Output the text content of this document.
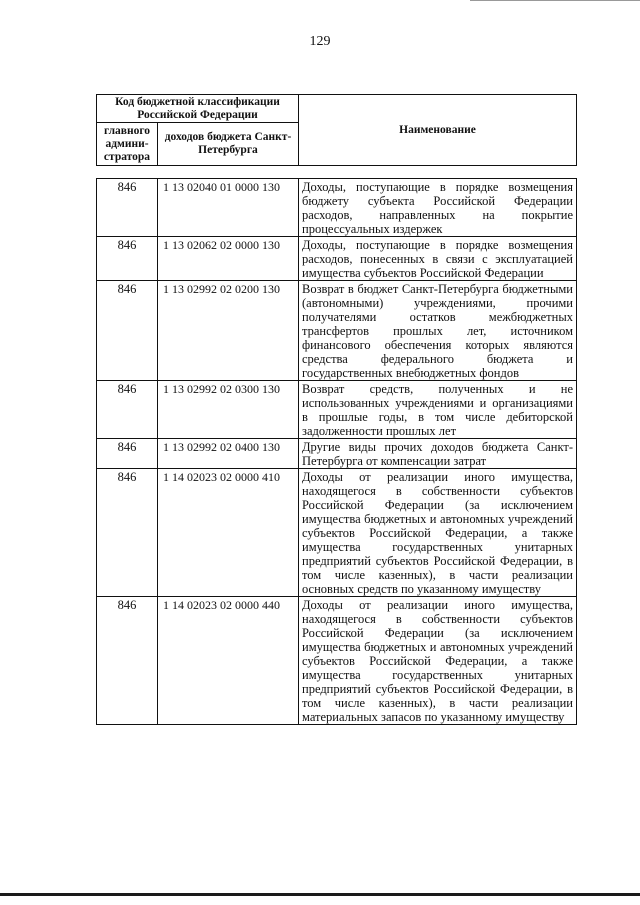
129
Код бюджетной классификации Российской Федерации		Наименование
главного админи-стратора	доходов бюджета Санкт-Петербурга	
846	1 13 02040 01 0000 130	Доходы, поступающие в порядке возмещения бюджету субъекта Российской Федерации расходов, направленных на покрытие процессуальных издержек
846	1 13 02062 02 0000 130	Доходы, поступающие в порядке возмещения расходов, понесенных в связи с эксплуатацией имущества субъектов Российской Федерации
846	1 13 02992 02 0200 130	Возврат в бюджет Санкт-Петербурга бюджетными (автономными) учреждениями, прочими получателями остатков межбюджетных трансфертов прошлых лет, источником финансового обеспечения которых являются средства федерального бюджета и государственных внебюджетных фондов
846	1 13 02992 02 0300 130	Возврат средств, полученных и не использованных учреждениями и организациями в прошлые годы, в том числе дебиторской задолженности прошлых лет
846	1 13 02992 02 0400 130	Другие виды прочих доходов бюджета Санкт-Петербурга от компенсации затрат
846	1 14 02023 02 0000 410	Доходы от реализации иного имущества, находящегося в собственности субъектов Российской Федерации (за исключением имущества бюджетных и автономных учреждений субъектов Российской Федерации, а также имущества государственных унитарных предприятий субъектов Российской Федерации, в том числе казенных), в части реализации основных средств по указанному имуществу
846	1 14 02023 02 0000 440	Доходы от реализации иного имущества, находящегося в собственности субъектов Российской Федерации (за исключением имущества бюджетных и автономных учреждений субъектов Российской Федерации, а также имущества государственных унитарных предприятий субъектов Российской Федерации, в том числе казенных), в части реализации материальных запасов по указанному имуществу
